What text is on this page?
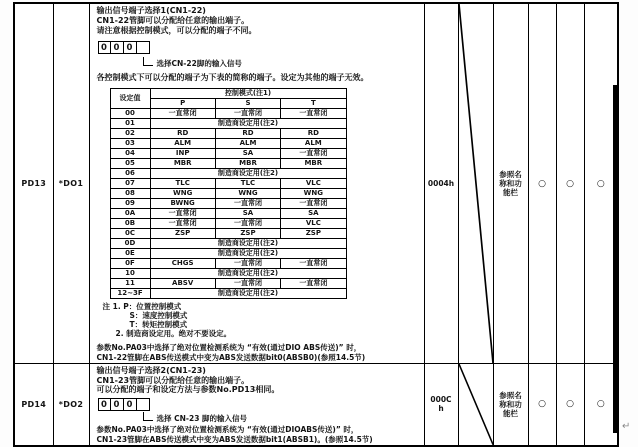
PD13	*DO1	
输出信号端子选择1(CN1-22)
CN1-22管脚可以分配给任意的输出端子。
请注意根据控制模式，可以分配的端子不同。
0 0 0
选择CN-22脚的输入信号
各控制模式下可以分配的端子为下表的简称的端子。设定为其他的端子无效。
设定值	控制模式(注1)
P	S	T
00	一直常闭	一直常闭	一直常闭
01	制造商设定用(注2)
02	RD	RD	RD
03	ALM	ALM	ALM
04	INP	SA	一直常闭
05	MBR	MBR	MBR
06	制造商设定用(注2)
07	TLC	TLC	VLC
08	WNG	WNG	WNG
09	BWNG	一直常闭	一直常闭
0A	一直常闭	SA	SA
0B	一直常闭	一直常闭	VLC
0C	ZSP	ZSP	ZSP
0D	制造商设定用(注2)
0E	制造商设定用(注2)
0F	CHGS	一直常闭	一直常闭
10	制造商设定用(注2)
11	ABSV	一直常闭	一直常闭
12~3F	制造商设定用(注2)
注 1. P：位置控制模式
S：速度控制模式
T：转矩控制模式
2. 制造商设定用。绝对不要设定。
参数No.PA03中选择了绝对位置检测系统为 “有效(通过DIO ABS传送)” 时，
CN1-22管脚在ABS传送模式中变为ABS发送数据bit0(ABSB0)(参照14.5节)
	0004h	
	参照名称和功能栏	○	○	○
PD14	*DO2	
输出信号端子选择2(CN1-23)
CN1-23管脚可以分配给任意的输出端子。
可以分配的端子和设定方法与参数No.PD13相同。
0 0 0
选择 CN-23 脚的输入信号
参数No.PA03中选择了绝对位置检测系统为 “有效(通过DIOABS传送)” 时，
CN1-23管脚在ABS传送模式中变为ABS发送数据bit1(ABSB1)。(参照14.5节)
	000Ch	
	参照名称和功能栏	○	○	○
↵
